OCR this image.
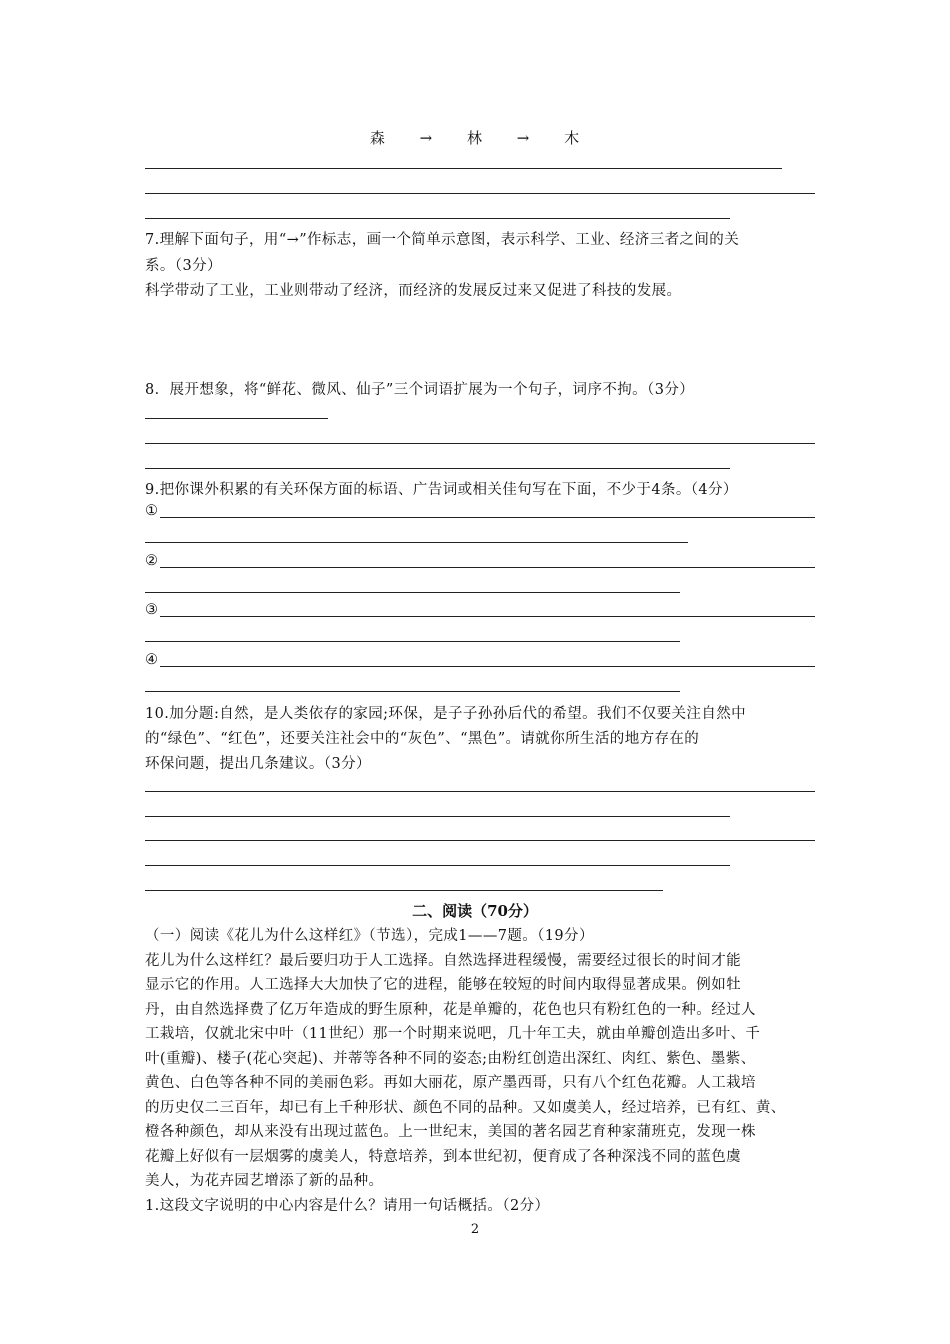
森 → 林 → 木
7.理解下面句子，用“→”作标志，画一个简单示意图，表示科学、工业、经济三者之间的关
系。（3分）
科学带动了工业，工业则带动了经济，而经济的发展反过来又促进了科技的发展。
8．展开想象，将“鲜花、微风、仙子”三个词语扩展为一个句子，词序不拘。（3分）
9.把你课外积累的有关环保方面的标语、广告词或相关佳句写在下面，不少于4条。（4分）
①
②
③
④
10.加分题:自然，是人类依存的家园;环保，是子子孙孙后代的希望。我们不仅要关注自然中
的“绿色”、“红色”，还要关注社会中的“灰色”、“黑色”。请就你所生活的地方存在的
环保问题，提出几条建议。（3分）
二、阅读（70分）
（一）阅读《花儿为什么这样红》（节选），完成1——7题。（19分）
花儿为什么这样红？最后要归功于人工选择。自然选择进程缓慢，需要经过很长的时间才能
显示它的作用。人工选择大大加快了它的进程，能够在较短的时间内取得显著成果。例如牡
丹，由自然选择费了亿万年造成的野生原种，花是单瓣的，花色也只有粉红色的一种。经过人
工栽培，仅就北宋中叶（11世纪）那一个时期来说吧，几十年工夫，就由单瓣创造出多叶、千
叶(重瓣)、楼子(花心突起)、并蒂等各种不同的姿态;由粉红创造出深红、肉红、紫色、墨紫、
黄色、白色等各种不同的美丽色彩。再如大丽花，原产墨西哥，只有八个红色花瓣。人工栽培
的历史仅二三百年，却已有上千种形状、颜色不同的品种。又如虞美人，经过培养，已有红、黄、
橙各种颜色，却从来没有出现过蓝色。上一世纪末，美国的著名园艺育种家蒲班克，发现一株
花瓣上好似有一层烟雾的虞美人，特意培养，到本世纪初，便育成了各种深浅不同的蓝色虞
美人，为花卉园艺增添了新的品种。
1.这段文字说明的中心内容是什么？请用一句话概括。（2分）
2
